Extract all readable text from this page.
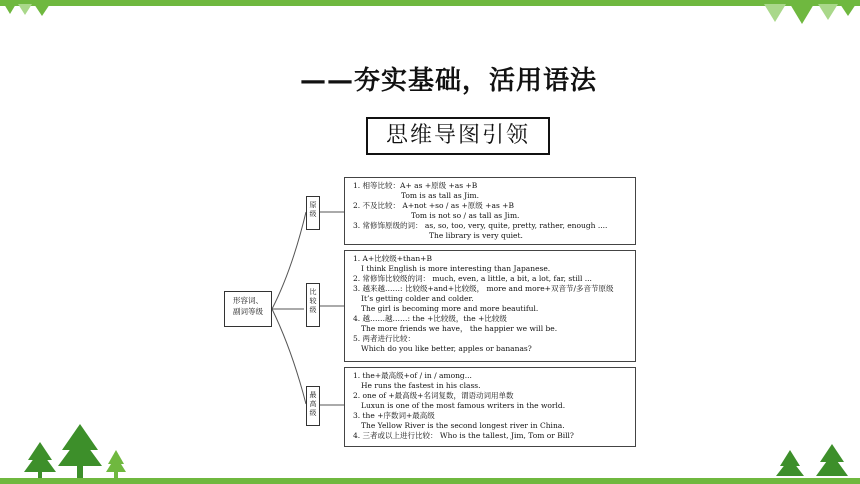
——夯实基础，活用语法
思维导图引领
形容词、
副词等级
原
级
比
较
级
最
高
级
1. 相等比较：A+ as +原级 +as +B
Tom is as tall as Jim.
2. 不及比较： A+not +so / as +原级 +as +B
Tom is not so / as tall as Jim.
3. 常修饰原级的词： as, so, too, very, quite, pretty, rather, enough ....
The library is very quiet.
1. A+比较级+than+B
I think English is more interesting than Japanese.
2. 常修饰比较级的词： much, even, a little, a bit, a lot, far, still ...
3. 越来越……: 比较级+and+比较级， more and more+双音节/多音节原级
It’s getting colder and colder.
The girl is becoming more and more beautiful.
4. 越……越……: the +比较级，the +比较级
The more friends we have， the happier we will be.
5. 两者进行比较：
Which do you like better, apples or bananas?
1. the+最高级+of / in / among...
He runs the fastest in his class.
2. one of +最高级+名词复数，谓语动词用单数
Luxun is one of the most famous writers in the world.
3. the +序数词+最高级
The Yellow River is the second longest river in China.
4. 三者或以上进行比较： Who is the tallest, Jim, Tom or Bill?
